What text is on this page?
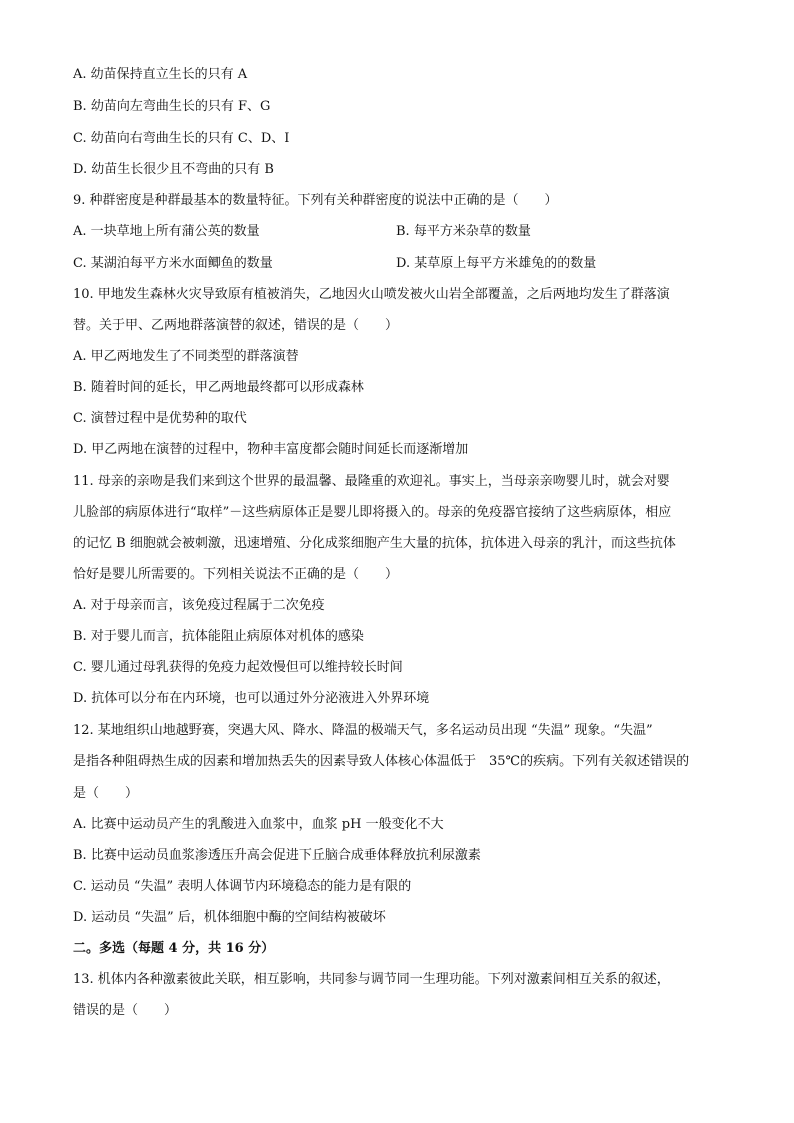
A. 幼苗保持直立生长的只有 A
B. 幼苗向左弯曲生长的只有 F、G
C. 幼苗向右弯曲生长的只有 C、D、I
D. 幼苗生长很少且不弯曲的只有 B
9. 种群密度是种群最基本的数量特征。下列有关种群密度的说法中正确的是（　　）
A. 一块草地上所有蒲公英的数量	B. 每平方米杂草的数量
C. 某湖泊每平方米水面鲫鱼的数量	D. 某草原上每平方米雄兔的的数量
10. 甲地发生森林火灾导致原有植被消失，乙地因火山喷发被火山岩全部覆盖，之后两地均发生了群落演
替。关于甲、乙两地群落演替的叙述，错误的是（　　）
A. 甲乙两地发生了不同类型的群落演替
B. 随着时间的延长，甲乙两地最终都可以形成森林
C. 演替过程中是优势种的取代
D. 甲乙两地在演替的过程中，物种丰富度都会随时间延长而逐渐增加
11. 母亲的亲吻是我们来到这个世界的最温馨、最隆重的欢迎礼。事实上，当母亲亲吻婴儿时，就会对婴
儿脸部的病原体进行“取样”－这些病原体正是婴儿即将摄入的。母亲的免疫器官接纳了这些病原体，相应
的记忆 B 细胞就会被刺激，迅速增殖、分化成浆细胞产生大量的抗体，抗体进入母亲的乳汁，而这些抗体
恰好是婴儿所需要的。下列相关说法不正确的是（　　）
A. 对于母亲而言，该免疫过程属于二次免疫
B. 对于婴儿而言，抗体能阻止病原体对机体的感染
C. 婴儿通过母乳获得的免疫力起效慢但可以维持较长时间
D. 抗体可以分布在内环境，也可以通过外分泌液进入外界环境
12. 某地组织山地越野赛，突遇大风、降水、降温的极端天气，多名运动员出现 “失温” 现象。“失温”
是指各种阻碍热生成的因素和增加热丢失的因素导致人体核心体温低于　35℃的疾病。下列有关叙述错误的
是（　　）
A. 比赛中运动员产生的乳酸进入血浆中，血浆 pH 一般变化不大
B. 比赛中运动员血浆渗透压升高会促进下丘脑合成垂体释放抗利尿激素
C. 运动员 “失温” 表明人体调节内环境稳态的能力是有限的
D. 运动员 “失温” 后，机体细胞中酶的空间结构被破坏
二。多选（每题 4 分，共 16 分）
13. 机体内各种激素彼此关联，相互影响，共同参与调节同一生理功能。下列对激素间相互关系的叙述，
错误的是（　　）
